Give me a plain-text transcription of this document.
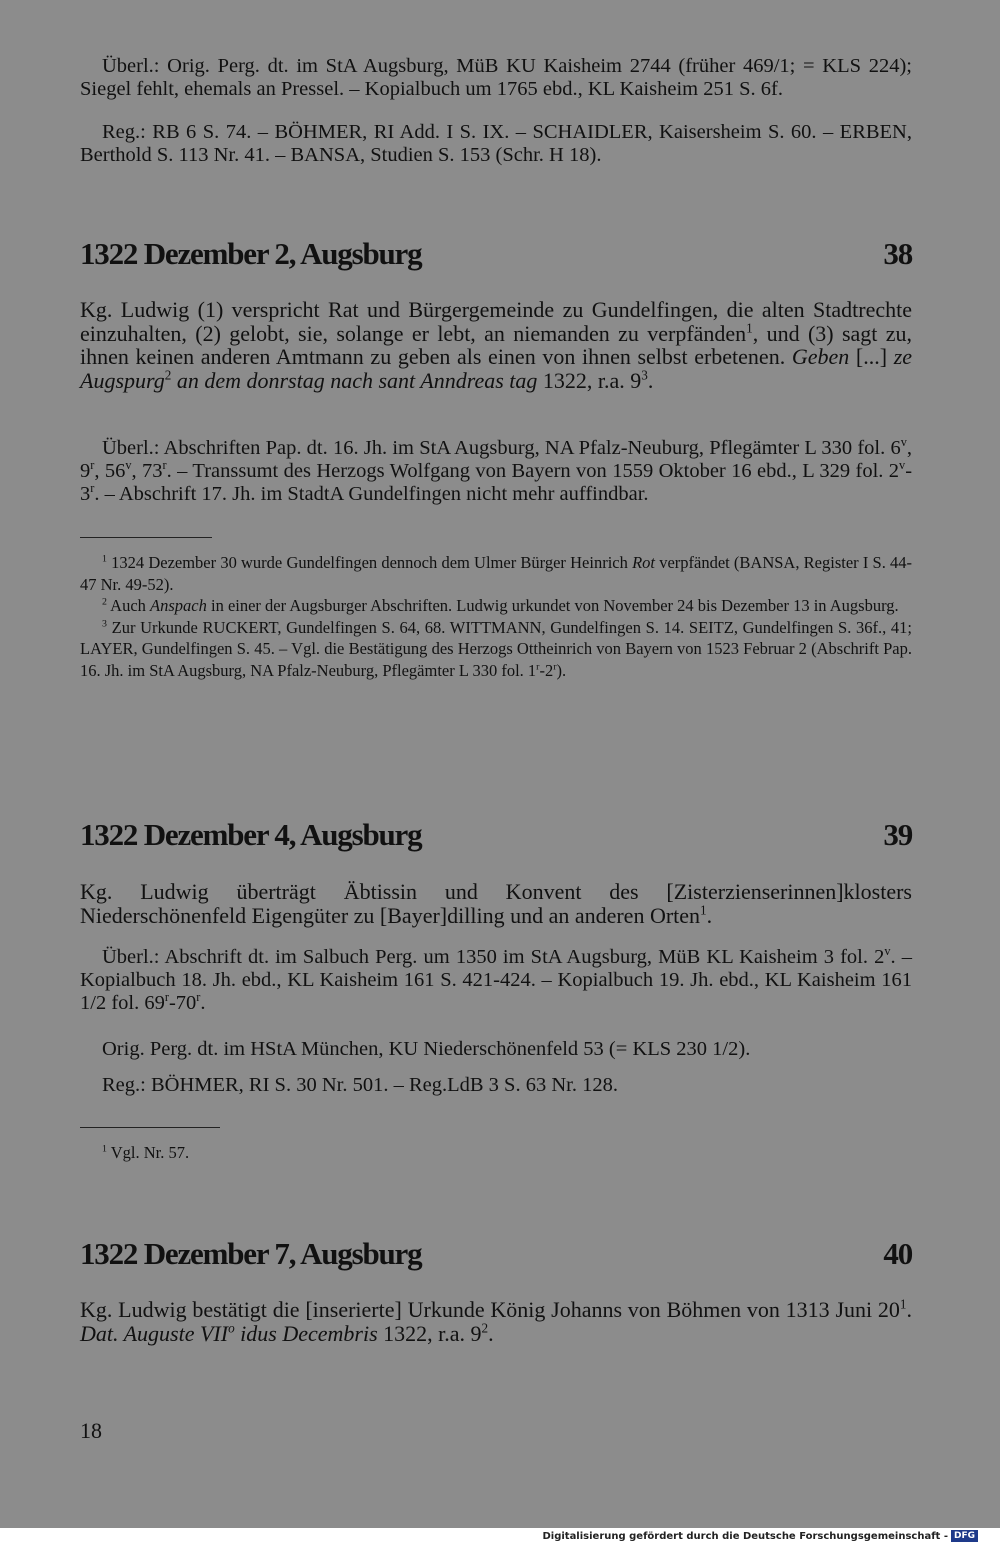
Überl.: Orig. Perg. dt. im StA Augsburg, MüB KU Kaisheim 2744 (früher 469/1; = KLS 224); Siegel fehlt, ehemals an Pressel. – Kopialbuch um 1765 ebd., KL Kaisheim 251 S. 6f.

Reg.: RB 6 S. 74. – BÖHMER, RI Add. I S. IX. – SCHAIDLER, Kaisersheim S. 60. – ERBEN, Berthold S. 113 Nr. 41. – BANSA, Studien S. 153 (Schr. H 18).

1322 Dezember 2, Augsburg	38

Kg. Ludwig (1) verspricht Rat und Bürgergemeinde zu Gundelfingen, die alten Stadtrechte einzuhalten, (2) gelobt, sie, solange er lebt, an niemanden zu verpfänden$^1$, und (3) sagt zu, ihnen keinen anderen Amtmann zu geben als einen von ihnen selbst erbetenen. Geben [...] ze Augspurg$^2$ an dem donrstag nach sant Anndreas tag 1322, r.a. $9^3$.

Überl.: Abschriften Pap. dt. 16. Jh. im StA Augsburg, NA Pfalz-Neuburg, Pflegämter L 330 fol. 6$^v$, 9$^r$, 56$^v$, 73$^r$. – Transsumt des Herzogs Wolfgang von Bayern von 1559 Oktober 16 ebd., L 329 fol. 2$^v$-3$^r$. – Abschrift 17. Jh. im StadtA Gundelfingen nicht mehr auffindbar.

$^1$ 1324 Dezember 30 wurde Gundelfingen dennoch dem Ulmer Bürger Heinrich Rot verpfändet (BANSA, Register I S. 44-47 Nr. 49-52).

$^2$ Auch Anspach in einer der Augsburger Abschriften. Ludwig urkundet von November 24 bis Dezember 13 in Augsburg.

$^3$ Zur Urkunde RUCKERT, Gundelfingen S. 64, 68. WITTMANN, Gundelfingen S. 14. SEITZ, Gundelfingen S. 36f., 41; LAYER, Gundelfingen S. 45. – Vgl. die Bestätigung des Herzogs Ottheinrich von Bayern von 1523 Februar 2 (Abschrift Pap. 16. Jh. im StA Augsburg, NA Pfalz-Neuburg, Pflegämter L 330 fol. 1$^r$-2$^r$).

1322 Dezember 4, Augsburg	39

Kg. Ludwig überträgt Äbtissin und Konvent des [Zisterzienserinnen]klosters Niederschönenfeld Eigengüter zu [Bayer]dilling und an anderen Orten$^1$.

Überl.: Abschrift dt. im Salbuch Perg. um 1350 im StA Augsburg, MüB KL Kaisheim 3 fol. 2$^v$. – Kopialbuch 18. Jh. ebd., KL Kaisheim 161 S. 421-424. – Kopialbuch 19. Jh. ebd., KL Kaisheim 161 1/2 fol. 69$^r$-70$^r$.

Orig. Perg. dt. im HStA München, KU Niederschönenfeld 53 (= KLS 230 1/2).

Reg.: BÖHMER, RI S. 30 Nr. 501. – Reg.LdB 3 S. 63 Nr. 128.

$^1$ Vgl. Nr. 57.

1322 Dezember 7, Augsburg	40

Kg. Ludwig bestätigt die [inserierte] Urkunde König Johanns von Böhmen von 1313 Juni $20^1$. Dat. Auguste VII$^o$ idus Decembris 1322, r.a. $9^2$.

18
Digitalisierung gefördert durch die Deutsche Forschungsgemeinschaft - DFG
